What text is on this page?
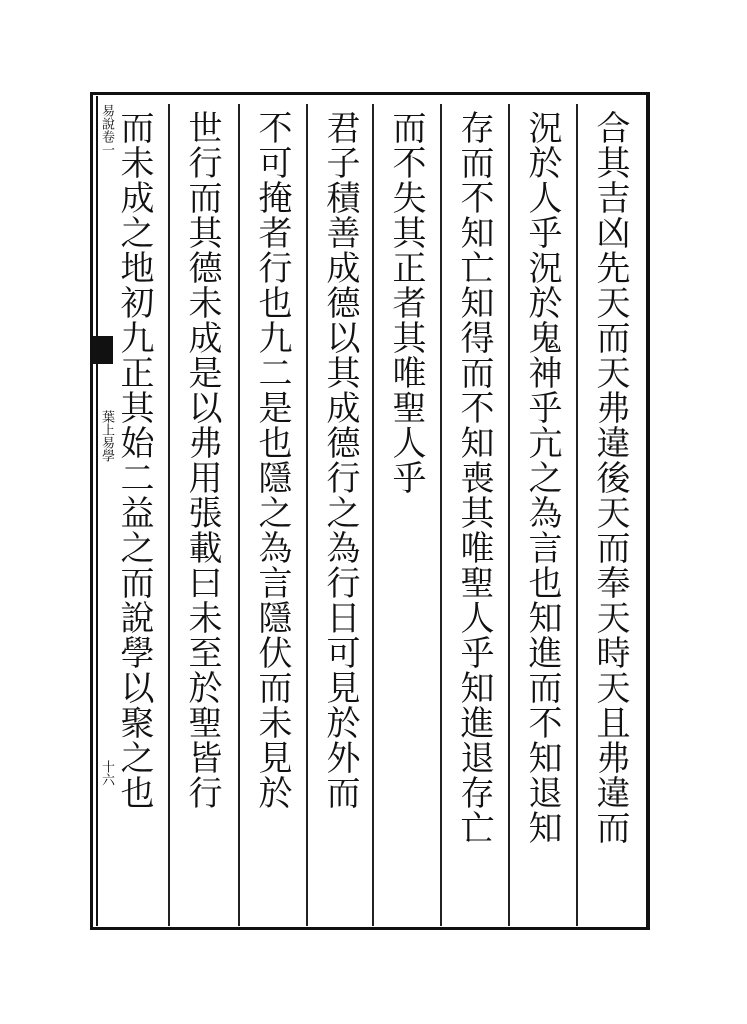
易說卷一
葉上易學
十六	合其吉凶先天而天弗違後天而奉天時天且弗違而
況於人乎況於鬼神乎亢之為言也知進而不知退知
存而不知亡知得而不知喪其唯聖人乎知進退存亡
而不失其正者其唯聖人乎
君子積善成德以其成德行之為行日可見於外而
不可掩者行也九二是也隱之為言隱伏而未見於
世行而其德未成是以弗用張載曰未至於聖皆行
而未成之地初九正其始二益之而說學以聚之也
